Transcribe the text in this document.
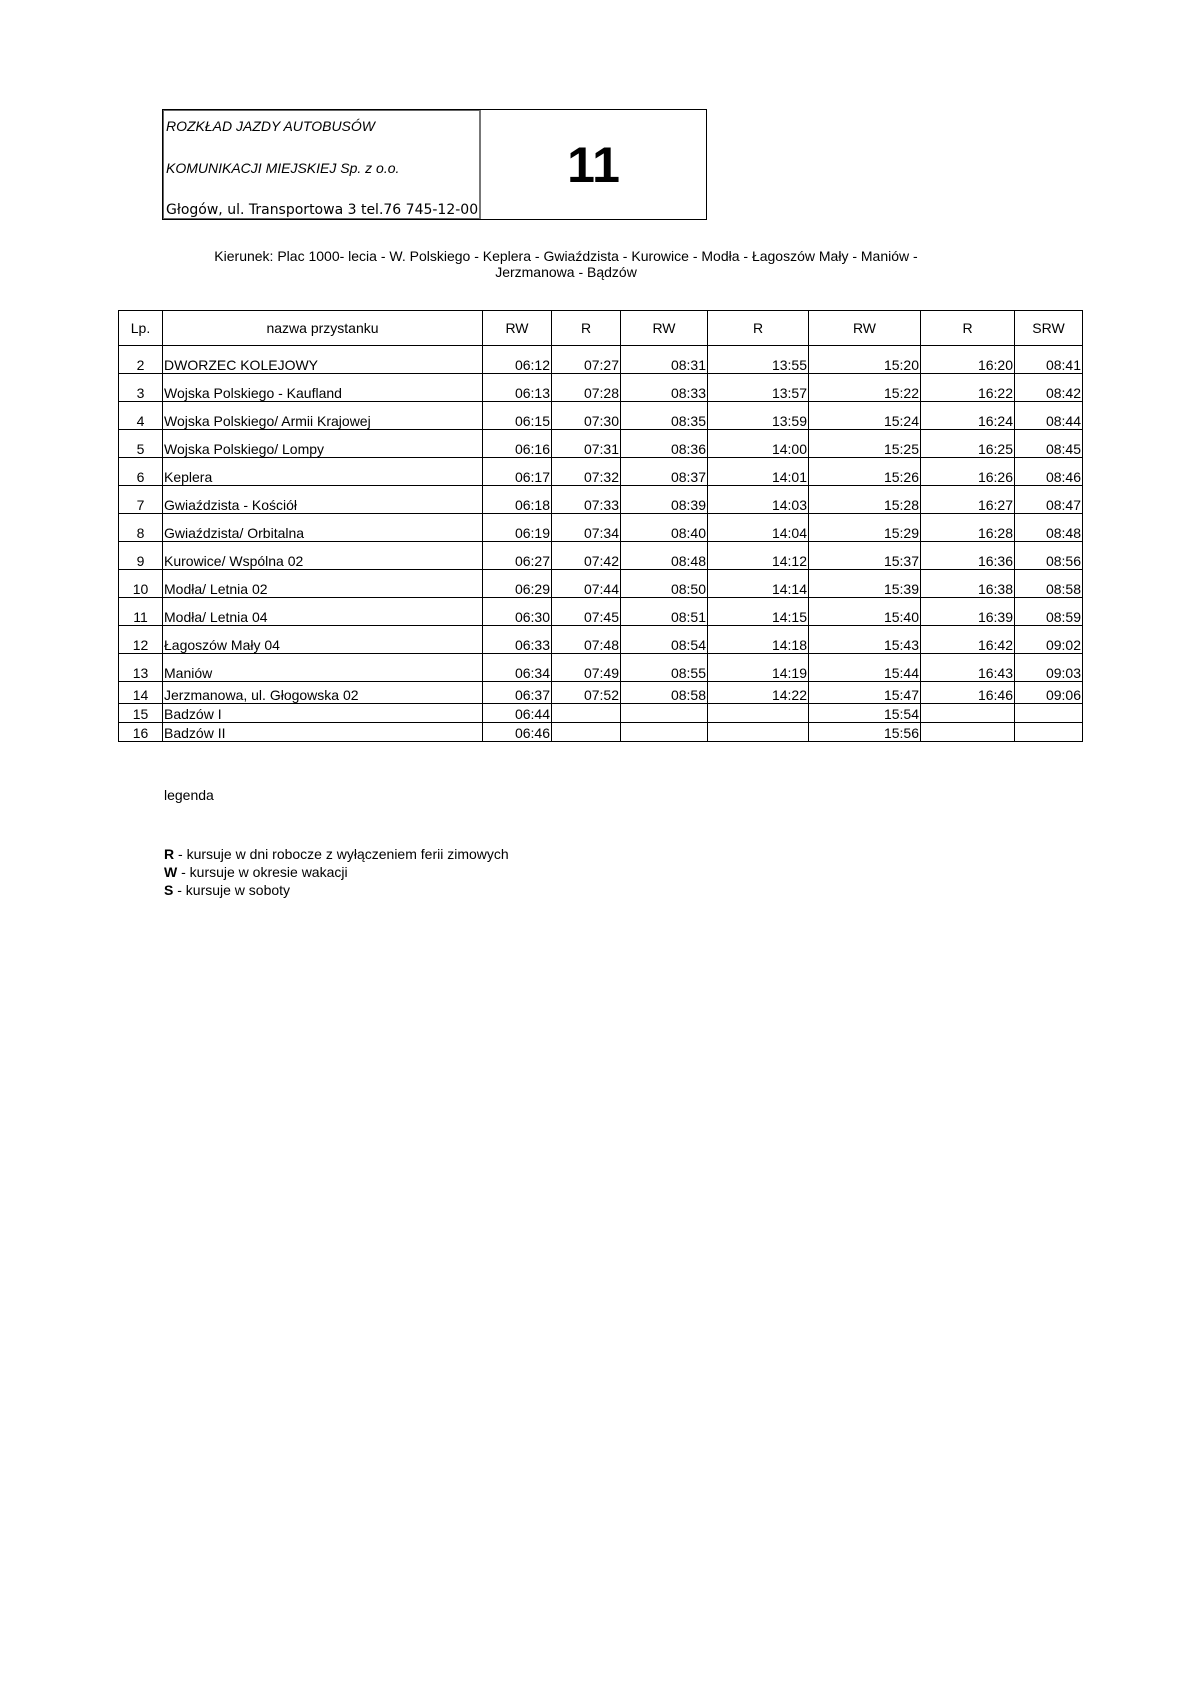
ROZKŁAD JAZDY AUTOBUSÓW
KOMUNIKACJI MIEJSKIEJ Sp. z o.o.
Głogów, ul. Transportowa 3 tel.76 745-12-00
11
Kierunek: Plac 1000- lecia - W. Polskiego - Keplera - Gwiaździsta - Kurowice - Modła - Łagoszów Mały - Maniów -
Jerzmanowa - Bądzów
Lp.	nazwa przystanku	RW	R	RW	R	RW	R	SRW
2	DWORZEC KOLEJOWY	06:12	07:27	08:31	13:55	15:20	16:20	08:41
3	Wojska Polskiego - Kaufland	06:13	07:28	08:33	13:57	15:22	16:22	08:42
4	Wojska Polskiego/ Armii Krajowej	06:15	07:30	08:35	13:59	15:24	16:24	08:44
5	Wojska Polskiego/ Lompy	06:16	07:31	08:36	14:00	15:25	16:25	08:45
6	Keplera	06:17	07:32	08:37	14:01	15:26	16:26	08:46
7	Gwiaździsta - Kościół	06:18	07:33	08:39	14:03	15:28	16:27	08:47
8	Gwiaździsta/ Orbitalna	06:19	07:34	08:40	14:04	15:29	16:28	08:48
9	Kurowice/ Wspólna 02	06:27	07:42	08:48	14:12	15:37	16:36	08:56
10	Modła/ Letnia 02	06:29	07:44	08:50	14:14	15:39	16:38	08:58
11	Modła/ Letnia 04	06:30	07:45	08:51	14:15	15:40	16:39	08:59
12	Łagoszów Mały 04	06:33	07:48	08:54	14:18	15:43	16:42	09:02
13	Maniów	06:34	07:49	08:55	14:19	15:44	16:43	09:03
14	Jerzmanowa, ul. Głogowska 02	06:37	07:52	08:58	14:22	15:47	16:46	09:06
15	Badzów I	06:44				15:54		
16	Badzów II	06:46				15:56		
legenda
R - kursuje w dni robocze z wyłączeniem ferii zimowych
W - kursuje w okresie wakacji
S - kursuje w soboty
